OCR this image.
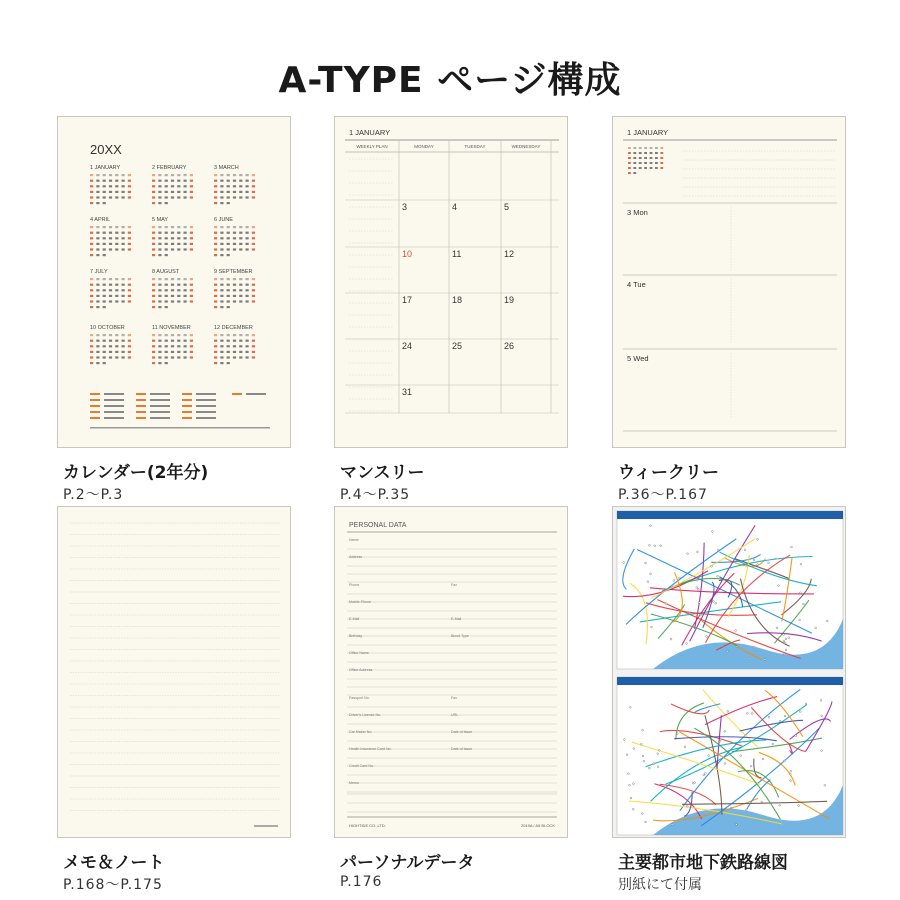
A-TYPE ページ構成
20XX
1 JANUARY	2 FEBRUARY	3 MARCH
4 APRIL	5 MAY	6 JUNE
7 JULY	8 AUGUST	9 SEPTEMBER
10 OCTOBER	11 NOVEMBER	12 DECEMBER
1 JANUARY
WEEKLY PLAN	MONDAY	TUESDAY	WEDNESDAY
3	4	5
10	11	12
17	18	19
24	25	26
31
1 JANUARY
3 Mon
4 Tue
5 Wed
PERSONAL DATA
Name
Address
Phone	Fax
Mobile Phone
E-Mail	E-Mail
Birthday	Blood Type
Office Name
Office Address
Passport No.	Fax
Driver's License No.	URL
Car Maker No.	Date of Issue
Health Insurance Card No.	Date of Issue
Credit Card No.
Memo
HIGHTIDE CO.,LTD.	2019A / A5 BLOCK
カレンダー(2年分)
P.2～P.3
マンスリー
P.4～P.35
ウィークリー
P.36～P.167
メモ＆ノート
P.168～P.175
パーソナルデータ
P.176
主要都市地下鉄路線図
別紙にて付属
